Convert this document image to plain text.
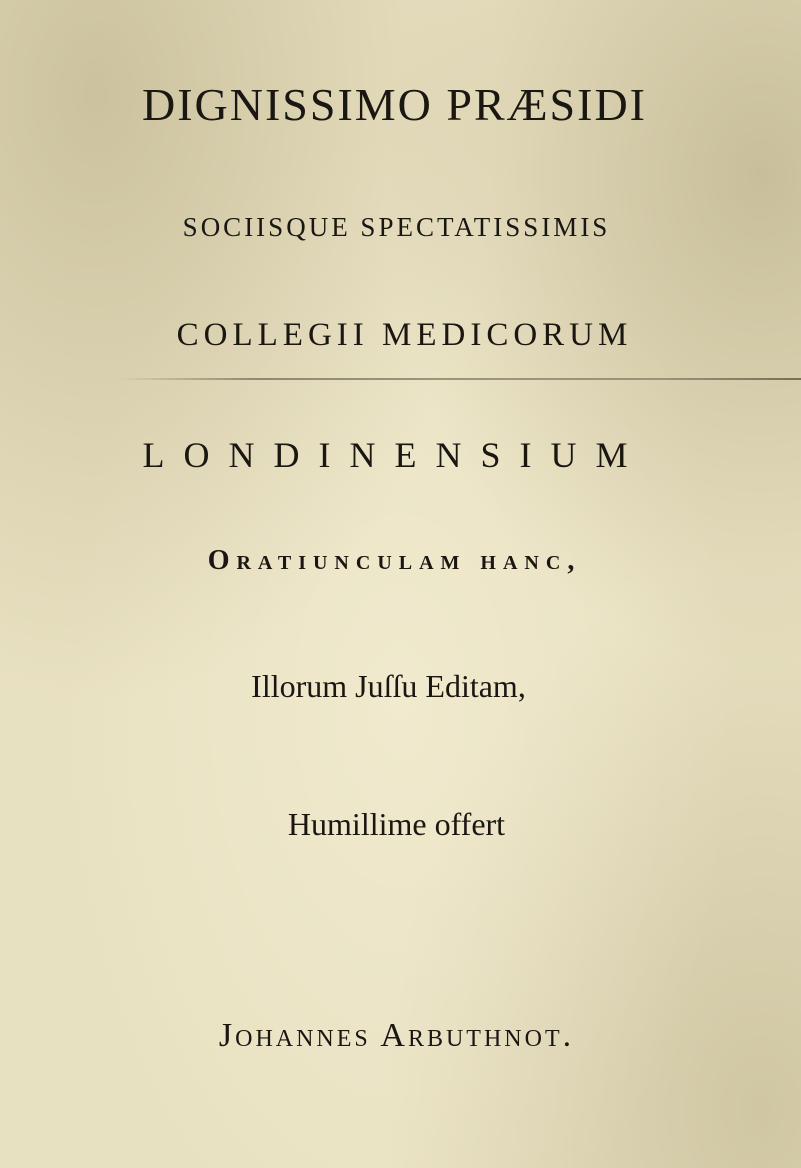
DIGNISSIMO PRÆSIDI
SOCIISQUE SPECTATISSIMIS
COLLEGII MEDICORUM
LONDINENSIUM
Oratiunculam hanc,
Illorum Juſſu Editam,
Humillime offert
Johannes Arbuthnot.
